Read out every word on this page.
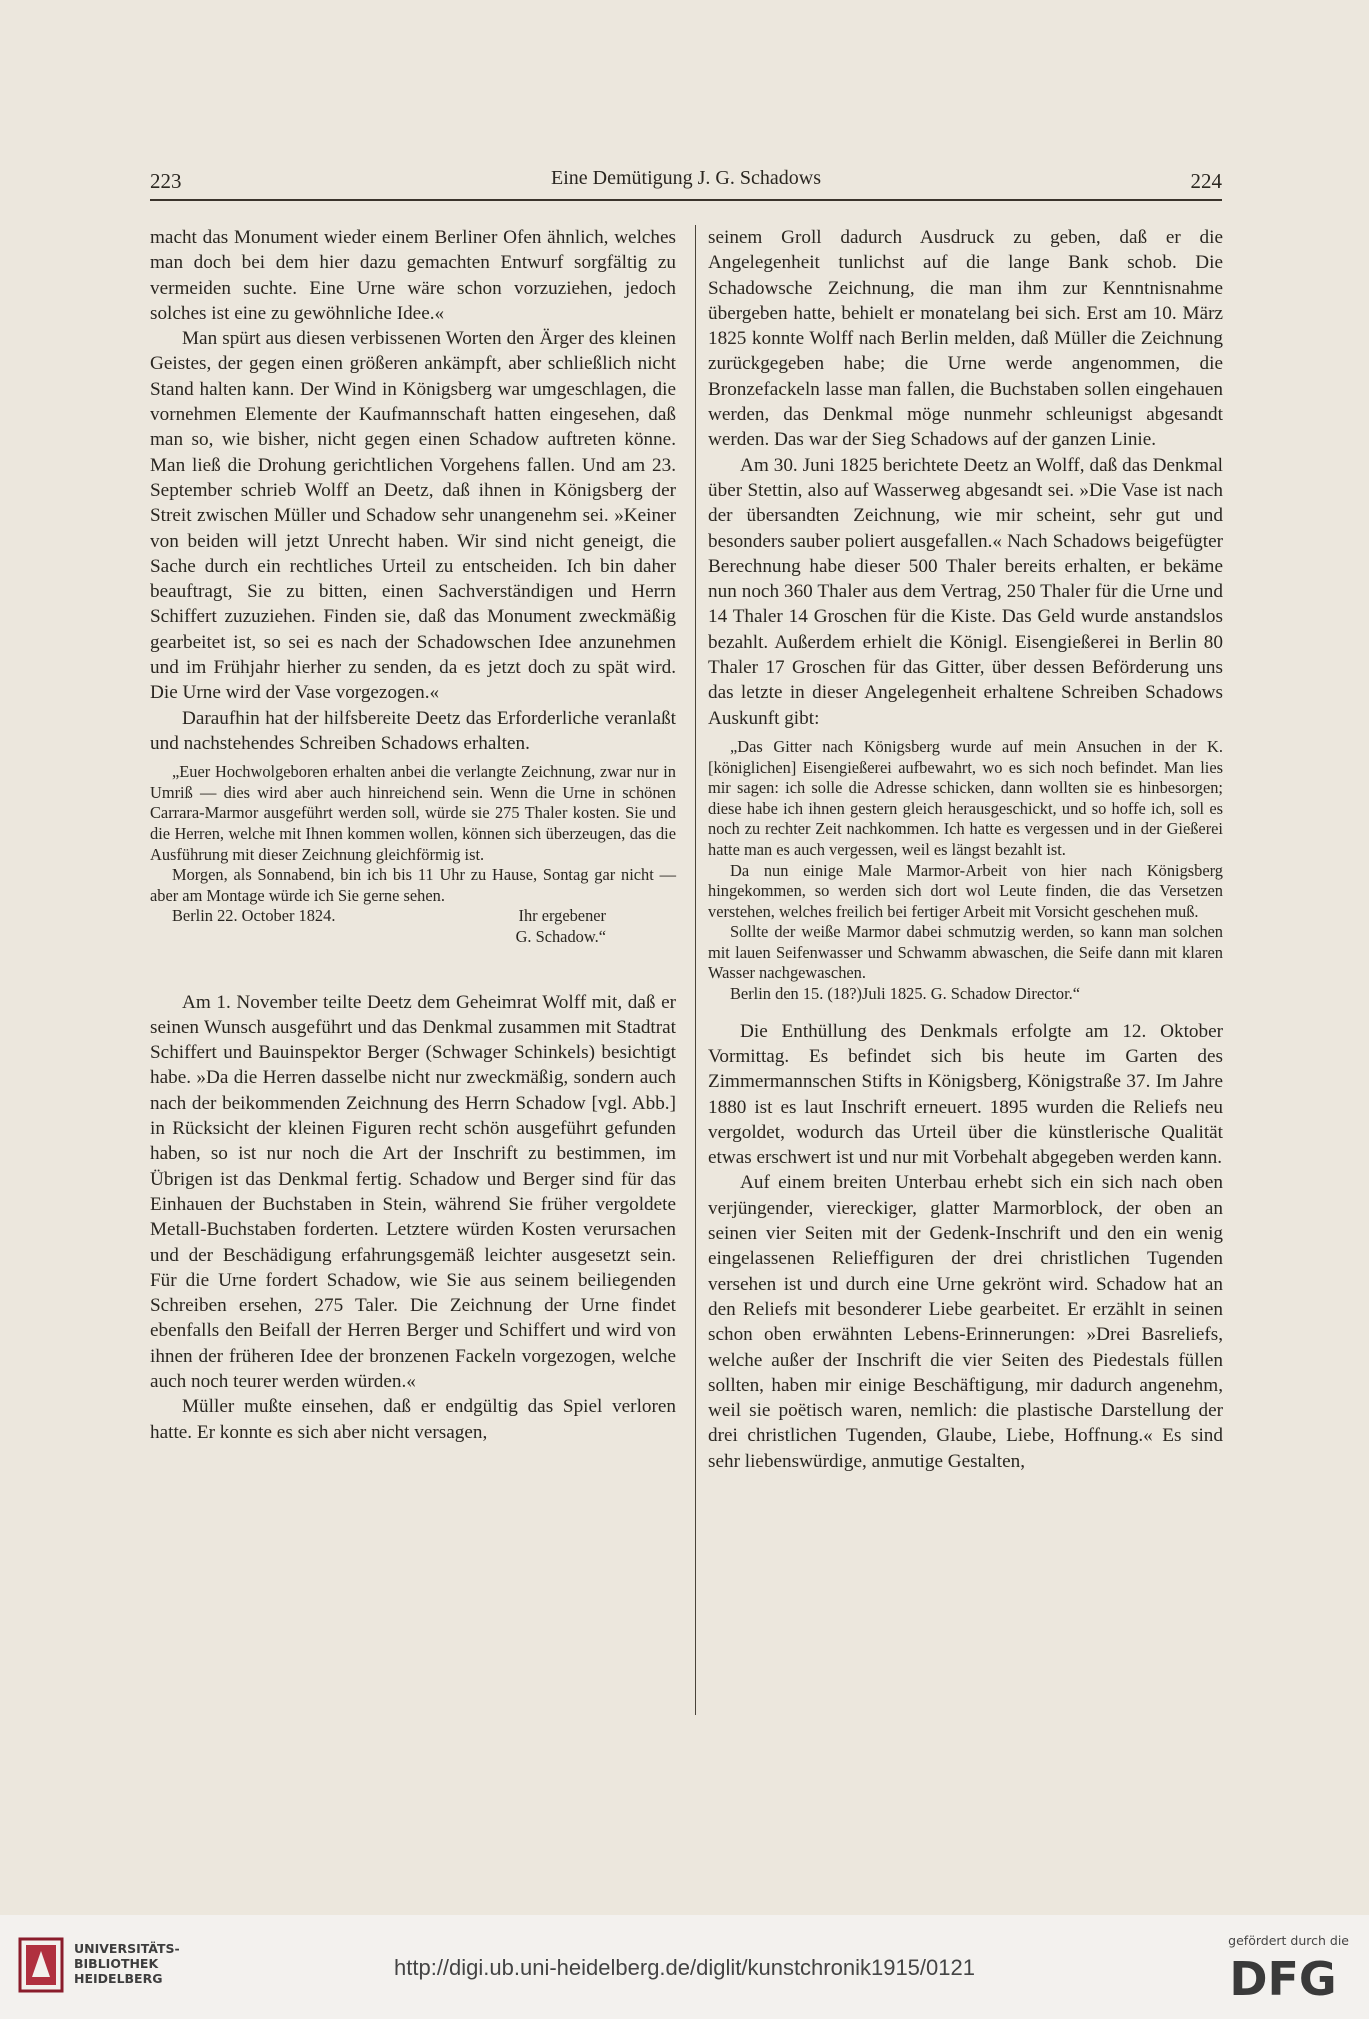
223	Eine Demütigung J. G. Schadows	224

macht das Monument wieder einem Berliner Ofen ähnlich, welches man doch bei dem hier dazu gemachten Entwurf sorgfältig zu vermeiden suchte. Eine Urne wäre schon vorzuziehen, jedoch solches ist eine zu gewöhnliche Idee.«

Man spürt aus diesen verbissenen Worten den Ärger des kleinen Geistes, der gegen einen größeren ankämpft, aber schließlich nicht Stand halten kann. Der Wind in Königsberg war umgeschlagen, die vornehmen Elemente der Kaufmannschaft hatten eingesehen, daß man so, wie bisher, nicht gegen einen Schadow auftreten könne. Man ließ die Drohung gerichtlichen Vorgehens fallen. Und am 23. September schrieb Wolff an Deetz, daß ihnen in Königsberg der Streit zwischen Müller und Schadow sehr unangenehm sei. »Keiner von beiden will jetzt Unrecht haben. Wir sind nicht geneigt, die Sache durch ein rechtliches Urteil zu entscheiden. Ich bin daher beauftragt, Sie zu bitten, einen Sachverständigen und Herrn Schiffert zuzuziehen. Finden sie, daß das Monument zweckmäßig gearbeitet ist, so sei es nach der Schadowschen Idee anzunehmen und im Frühjahr hierher zu senden, da es jetzt doch zu spät wird. Die Urne wird der Vase vorgezogen.«

Daraufhin hat der hilfsbereite Deetz das Erforderliche veranlaßt und nachstehendes Schreiben Schadows erhalten.

„Euer Hochwolgeboren erhalten anbei die verlangte Zeichnung, zwar nur in Umriß — dies wird aber auch hinreichend sein. Wenn die Urne in schönen Carrara-Marmor ausgeführt werden soll, würde sie 275 Thaler kosten. Sie und die Herren, welche mit Ihnen kommen wollen, können sich überzeugen, das die Ausführung mit dieser Zeichnung gleichförmig ist.

Morgen, als Sonnabend, bin ich bis 11 Uhr zu Hause, Sontag gar nicht — aber am Montage würde ich Sie gerne sehen.

Berlin 22. October 1824.	Ihr ergebener
G. Schadow.“

Am 1. November teilte Deetz dem Geheimrat Wolff mit, daß er seinen Wunsch ausgeführt und das Denkmal zusammen mit Stadtrat Schiffert und Bauinspektor Berger (Schwager Schinkels) besichtigt habe. »Da die Herren dasselbe nicht nur zweckmäßig, sondern auch nach der beikommenden Zeichnung des Herrn Schadow [vgl. Abb.] in Rücksicht der kleinen Figuren recht schön ausgeführt gefunden haben, so ist nur noch die Art der Inschrift zu bestimmen, im Übrigen ist das Denkmal fertig. Schadow und Berger sind für das Einhauen der Buchstaben in Stein, während Sie früher vergoldete Metall-Buchstaben forderten. Letztere würden Kosten verursachen und der Beschädigung erfahrungsgemäß leichter ausgesetzt sein. Für die Urne fordert Schadow, wie Sie aus seinem beiliegenden Schreiben ersehen, 275 Taler. Die Zeichnung der Urne findet ebenfalls den Beifall der Herren Berger und Schiffert und wird von ihnen der früheren Idee der bronzenen Fackeln vorgezogen, welche auch noch teurer werden würden.«

Müller mußte einsehen, daß er endgültig das Spiel verloren hatte. Er konnte es sich aber nicht versagen,

seinem Groll dadurch Ausdruck zu geben, daß er die Angelegenheit tunlichst auf die lange Bank schob. Die Schadowsche Zeichnung, die man ihm zur Kenntnisnahme übergeben hatte, behielt er monatelang bei sich. Erst am 10. März 1825 konnte Wolff nach Berlin melden, daß Müller die Zeichnung zurückgegeben habe; die Urne werde angenommen, die Bronzefackeln lasse man fallen, die Buchstaben sollen eingehauen werden, das Denkmal möge nunmehr schleunigst abgesandt werden. Das war der Sieg Schadows auf der ganzen Linie.

Am 30. Juni 1825 berichtete Deetz an Wolff, daß das Denkmal über Stettin, also auf Wasserweg abgesandt sei. »Die Vase ist nach der übersandten Zeichnung, wie mir scheint, sehr gut und besonders sauber poliert ausgefallen.« Nach Schadows beigefügter Berechnung habe dieser 500 Thaler bereits erhalten, er bekäme nun noch 360 Thaler aus dem Vertrag, 250 Thaler für die Urne und 14 Thaler 14 Groschen für die Kiste. Das Geld wurde anstandslos bezahlt. Außerdem erhielt die Königl. Eisengießerei in Berlin 80 Thaler 17 Groschen für das Gitter, über dessen Beförderung uns das letzte in dieser Angelegenheit erhaltene Schreiben Schadows Auskunft gibt:

„Das Gitter nach Königsberg wurde auf mein Ansuchen in der K. [königlichen] Eisengießerei aufbewahrt, wo es sich noch befindet. Man lies mir sagen: ich solle die Adresse schicken, dann wollten sie es hinbesorgen; diese habe ich ihnen gestern gleich herausgeschickt, und so hoffe ich, soll es noch zu rechter Zeit nachkommen. Ich hatte es vergessen und in der Gießerei hatte man es auch vergessen, weil es längst bezahlt ist.

Da nun einige Male Marmor-Arbeit von hier nach Königsberg hingekommen, so werden sich dort wol Leute finden, die das Versetzen verstehen, welches freilich bei fertiger Arbeit mit Vorsicht geschehen muß.

Sollte der weiße Marmor dabei schmutzig werden, so kann man solchen mit lauen Seifenwasser und Schwamm abwaschen, die Seife dann mit klaren Wasser nachgewaschen.

Berlin den 15. (18?)Juli 1825. G. Schadow Director.“

Die Enthüllung des Denkmals erfolgte am 12. Oktober Vormittag. Es befindet sich bis heute im Garten des Zimmermannschen Stifts in Königsberg, Königstraße 37. Im Jahre 1880 ist es laut Inschrift erneuert. 1895 wurden die Reliefs neu vergoldet, wodurch das Urteil über die künstlerische Qualität etwas erschwert ist und nur mit Vorbehalt abgegeben werden kann.

Auf einem breiten Unterbau erhebt sich ein sich nach oben verjüngender, viereckiger, glatter Marmorblock, der oben an seinen vier Seiten mit der Gedenk-Inschrift und den ein wenig eingelassenen Relieffiguren der drei christlichen Tugenden versehen ist und durch eine Urne gekrönt wird. Schadow hat an den Reliefs mit besonderer Liebe gearbeitet. Er erzählt in seinen schon oben erwähnten Lebens-Erinnerungen: »Drei Basreliefs, welche außer der Inschrift die vier Seiten des Piedestals füllen sollten, haben mir einige Beschäftigung, mir dadurch angenehm, weil sie poëtisch waren, nemlich: die plastische Darstellung der drei christlichen Tugenden, Glaube, Liebe, Hoffnung.« Es sind sehr liebenswürdige, anmutige Gestalten,

UNIVERSITÄTS-
BIBLIOTHEK
HEIDELBERG	http://digi.ub.uni-heidelberg.de/diglit/kunstchronik1915/0121
gefördert durch die
DFG
